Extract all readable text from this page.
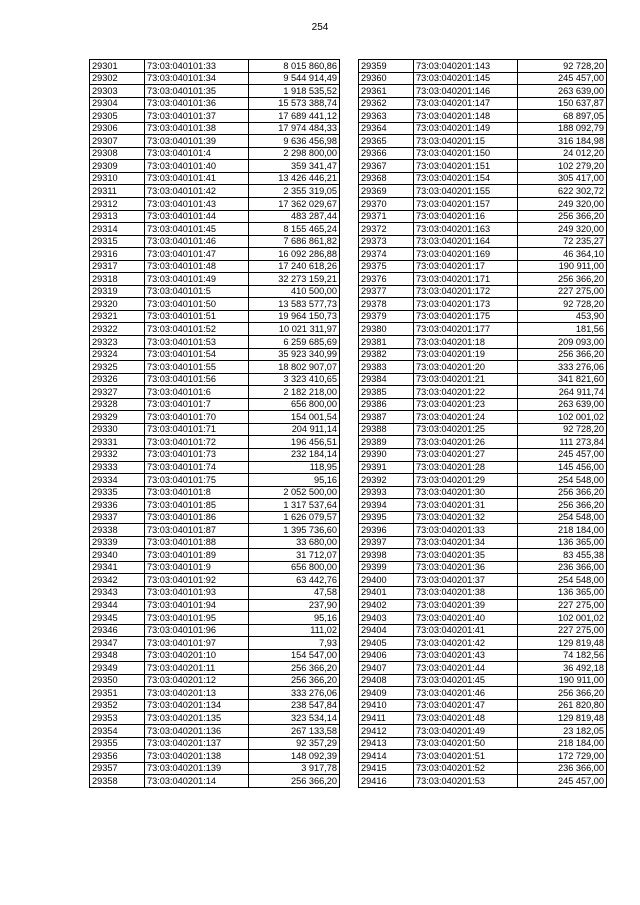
254
29301	73:03:040101:33	8 015 860,86
29302	73:03:040101:34	9 544 914,49
29303	73:03:040101:35	1 918 535,52
29304	73:03:040101:36	15 573 388,74
29305	73:03:040101:37	17 689 441,12
29306	73:03:040101:38	17 974 484,33
29307	73:03:040101:39	9 636 456,98
29308	73:03:040101:4	2 298 800,00
29309	73:03:040101:40	359 341,47
29310	73:03:040101:41	13 426 446,21
29311	73:03:040101:42	2 355 319,05
29312	73:03:040101:43	17 362 029,67
29313	73:03:040101:44	483 287,44
29314	73:03:040101:45	8 155 465,24
29315	73:03:040101:46	7 686 861,82
29316	73:03:040101:47	16 092 286,88
29317	73:03:040101:48	17 240 618,26
29318	73:03:040101:49	32 273 159,21
29319	73:03:040101:5	410 500,00
29320	73:03:040101:50	13 583 577,73
29321	73:03:040101:51	19 964 150,73
29322	73:03:040101:52	10 021 311,97
29323	73:03:040101:53	6 259 685,69
29324	73:03:040101:54	35 923 340,99
29325	73:03:040101:55	18 802 907,07
29326	73:03:040101:56	3 323 410,65
29327	73:03:040101:6	2 182 218,00
29328	73:03:040101:7	656 800,00
29329	73:03:040101:70	154 001,54
29330	73:03:040101:71	204 911,14
29331	73:03:040101:72	196 456,51
29332	73:03:040101:73	232 184,14
29333	73:03:040101:74	118,95
29334	73:03:040101:75	95,16
29335	73:03:040101:8	2 052 500,00
29336	73:03:040101:85	1 317 537,64
29337	73:03:040101:86	1 626 079,57
29338	73:03:040101:87	1 395 736,60
29339	73:03:040101:88	33 680,00
29340	73:03:040101:89	31 712,07
29341	73:03:040101:9	656 800,00
29342	73:03:040101:92	63 442,76
29343	73:03:040101:93	47,58
29344	73:03:040101:94	237,90
29345	73:03:040101:95	95,16
29346	73:03:040101:96	111,02
29347	73:03:040101:97	7,93
29348	73:03:040201:10	154 547,00
29349	73:03:040201:11	256 366,20
29350	73:03:040201:12	256 366,20
29351	73:03:040201:13	333 276,06
29352	73:03:040201:134	238 547,84
29353	73:03:040201:135	323 534,14
29354	73:03:040201:136	267 133,58
29355	73:03:040201:137	92 357,29
29356	73:03:040201:138	148 092,39
29357	73:03:040201:139	3 917,78
29358	73:03:040201:14	256 366,20
29359	73:03:040201:143	92 728,20
29360	73:03:040201:145	245 457,00
29361	73:03:040201:146	263 639,00
29362	73:03:040201:147	150 637,87
29363	73:03:040201:148	68 897,05
29364	73:03:040201:149	188 092,79
29365	73:03:040201:15	316 184,98
29366	73:03:040201:150	24 012,20
29367	73:03:040201:151	102 279,20
29368	73:03:040201:154	305 417,00
29369	73:03:040201:155	622 302,72
29370	73:03:040201:157	249 320,00
29371	73:03:040201:16	256 366,20
29372	73:03:040201:163	249 320,00
29373	73:03:040201:164	72 235,27
29374	73:03:040201:169	46 364,10
29375	73:03:040201:17	190 911,00
29376	73:03:040201:171	256 366,20
29377	73:03:040201:172	227 275,00
29378	73:03:040201:173	92 728,20
29379	73:03:040201:175	453,90
29380	73:03:040201:177	181,56
29381	73:03:040201:18	209 093,00
29382	73:03:040201:19	256 366,20
29383	73:03:040201:20	333 276,06
29384	73:03:040201:21	341 821,60
29385	73:03:040201:22	264 911,74
29386	73:03:040201:23	263 639,00
29387	73:03:040201:24	102 001,02
29388	73:03:040201:25	92 728,20
29389	73:03:040201:26	111 273,84
29390	73:03:040201:27	245 457,00
29391	73:03:040201:28	145 456,00
29392	73:03:040201:29	254 548,00
29393	73:03:040201:30	256 366,20
29394	73:03:040201:31	256 366,20
29395	73:03:040201:32	254 548,00
29396	73:03:040201:33	218 184,00
29397	73:03:040201:34	136 365,00
29398	73:03:040201:35	83 455,38
29399	73:03:040201:36	236 366,00
29400	73:03:040201:37	254 548,00
29401	73:03:040201:38	136 365,00
29402	73:03:040201:39	227 275,00
29403	73:03:040201:40	102 001,02
29404	73:03:040201:41	227 275,00
29405	73:03:040201:42	129 819,48
29406	73:03:040201:43	74 182,56
29407	73:03:040201:44	36 492,18
29408	73:03:040201:45	190 911,00
29409	73:03:040201:46	256 366,20
29410	73:03:040201:47	261 820,80
29411	73:03:040201:48	129 819,48
29412	73:03:040201:49	23 182,05
29413	73:03:040201:50	218 184,00
29414	73:03:040201:51	172 729,00
29415	73:03:040201:52	236 366,00
29416	73:03:040201:53	245 457,00
